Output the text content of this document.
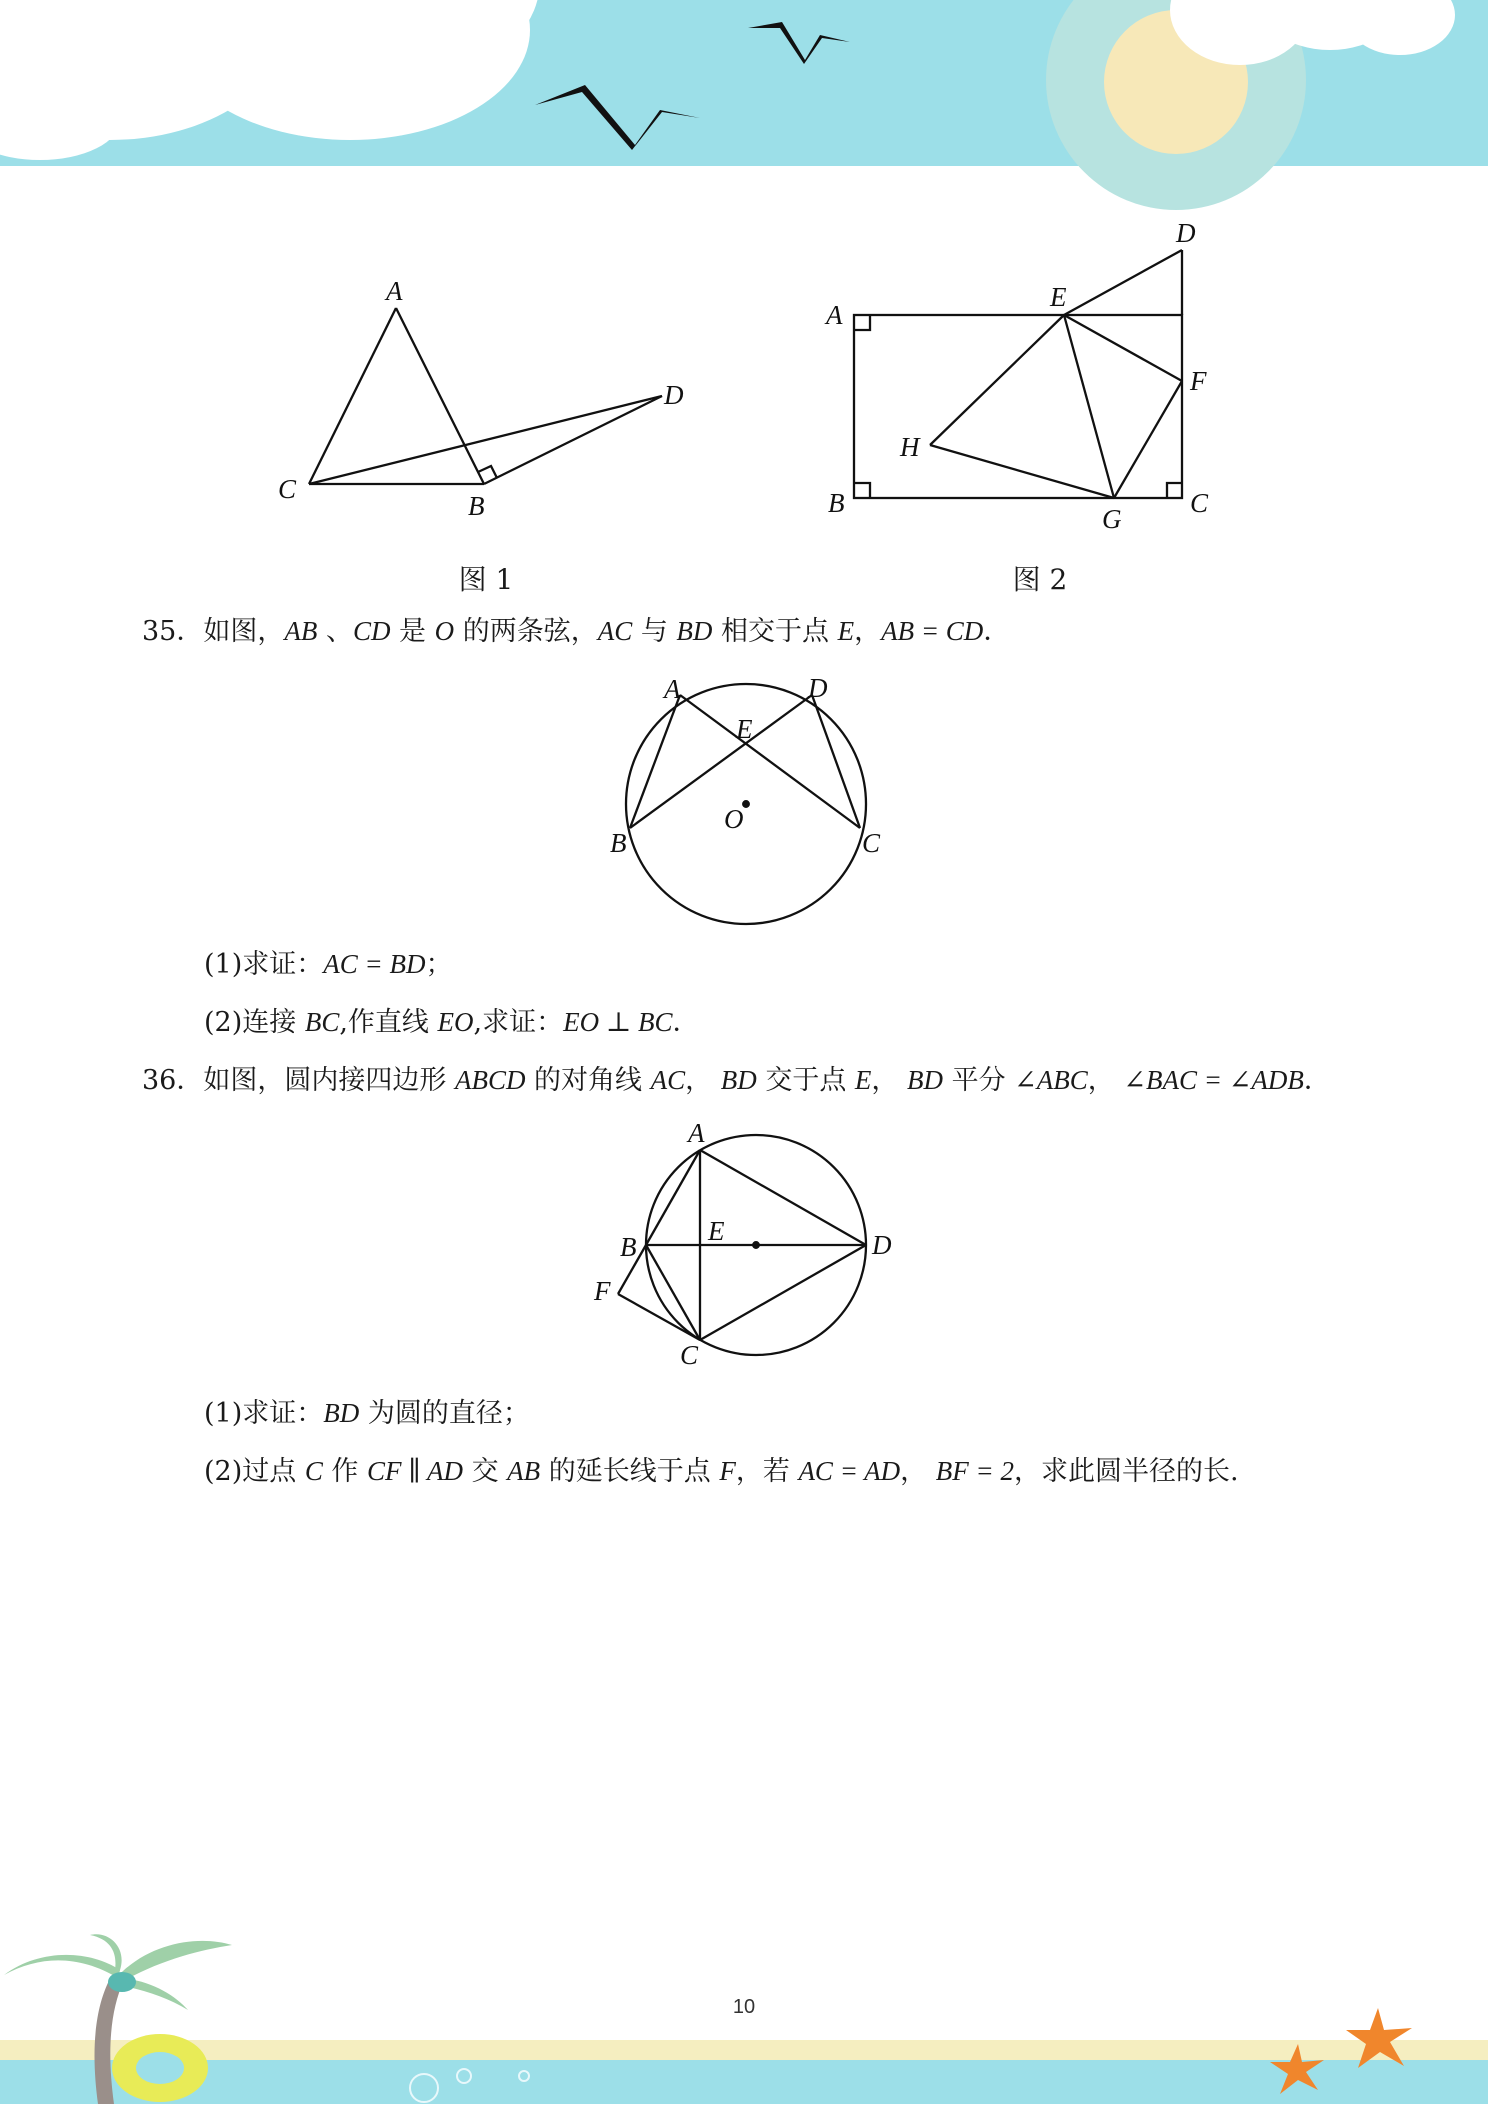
A
C
B
D
图 1
A
B	C
D
E
F
G
H
图 2
35．如图，AB 、CD 是 O 的两条弦，AC 与 BD 相交于点 E，AB = CD．
A	D
E
O
B	C
(1)求证：AC = BD；
(2)连接 BC,作直线 EO,求证：EO ⊥ BC．
36．如图，圆内接四边形 ABCD 的对角线 AC， BD 交于点 E， BD 平分 ∠ABC， ∠BAC = ∠ADB．
A
B
E	D
F
C
(1)求证：BD 为圆的直径；
(2)过点 C 作 CF ∥ AD 交 AB 的延长线于点 F，若 AC = AD， BF = 2，求此圆半径的长.
10
